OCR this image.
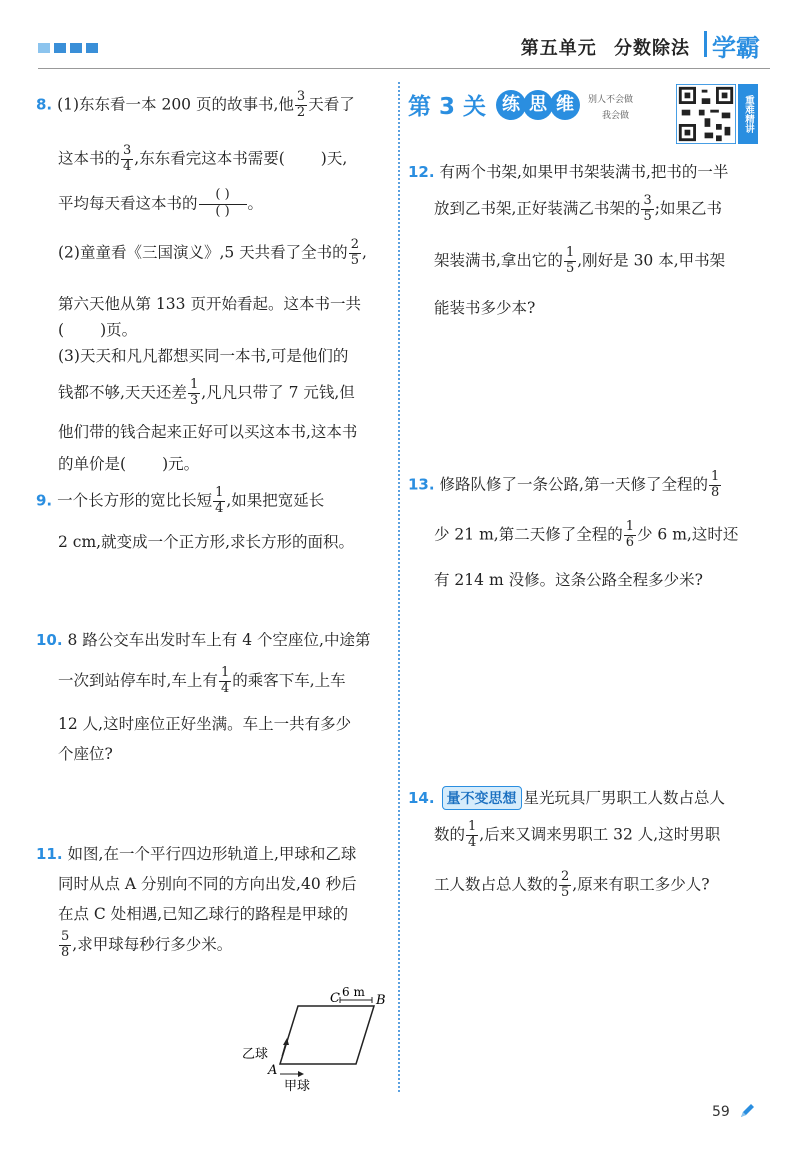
第五单元 分数除法 学霸
8. (1)东东看一本 200 页的故事书,他 $\frac{3}{2}$ 天看了
这本书的 $\frac{3}{4}$ ,东东看完这本书需要( )天,
平均每天看这本书的 $\frac{( )}{( )}$ 。
(2)童童看《三国演义》,5 天共看了全书的 $\frac{2}{5}$ ,
第六天他从第 133 页开始看起。这本书一共
( )页。
(3)天天和凡凡都想买同一本书,可是他们的
钱都不够,天天还差 $\frac{1}{3}$ ,凡凡只带了 7 元钱,但
他们带的钱合起来正好可以买这本书,这本书
的单价是( )元。
9. 一个长方形的宽比长短 $\frac{1}{4}$ ,如果把宽延长
2 cm,就变成一个正方形,求长方形的面积。
10. 8 路公交车出发时车上有 4 个空座位,中途第
一次到站停车时,车上有 $\frac{1}{4}$ 的乘客下车,上车
12 人,这时座位正好坐满。车上一共有多少
个座位?
11. 如图,在一个平行四边形轨道上,甲球和乙球
同时从点 A 分别向不同的方向出发,40 秒后
在点 C 处相遇,已知乙球行的路程是甲球的
$\frac{5}{8}$ ,求甲球每秒行多少米。
C	B
A
6 m
乙球
甲球
第 3 关 练 思 维	别人不会做
我会做	重难精讲
12. 有两个书架,如果甲书架装满书,把书的一半
放到乙书架,正好装满乙书架的 $\frac{3}{5}$ ;如果乙书
架装满书,拿出它的 $\frac{1}{5}$ ,刚好是 30 本,甲书架
能装书多少本?
13. 修路队修了一条公路,第一天修了全程的 $\frac{1}{8}$
少 21 m,第二天修了全程的 $\frac{1}{6}$ 少 6 m,这时还
有 214 m 没修。这条公路全程多少米?
14. 量不变思想 星光玩具厂男职工人数占总人
数的 $\frac{1}{4}$ ,后来又调来男职工 32 人,这时男职
工人数占总人数的 $\frac{2}{5}$ ,原来有职工多少人?
59
